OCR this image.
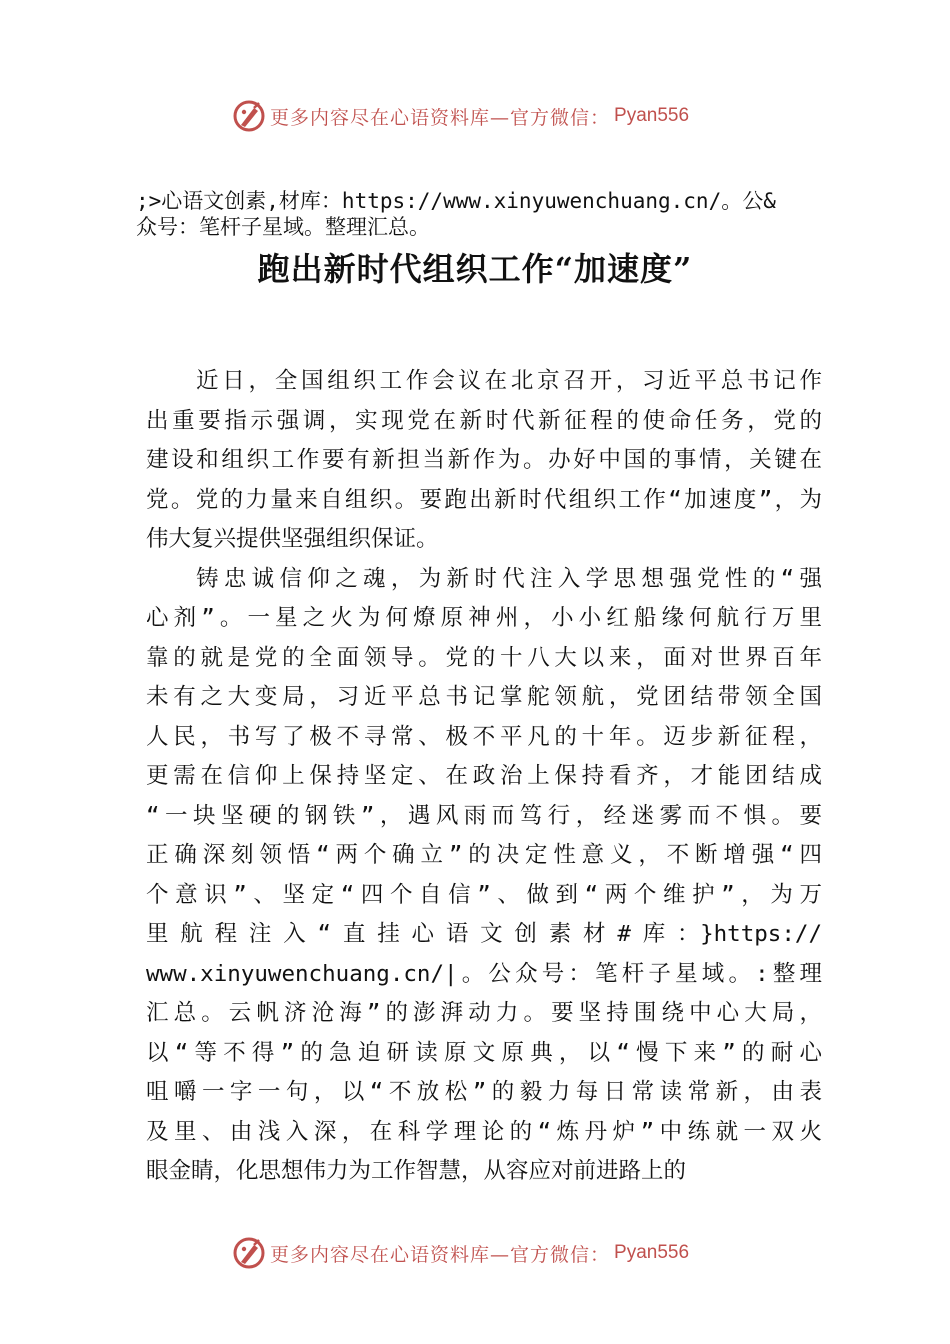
更多内容尽在心语资料库—官方微信： Pyan556
;>心语文创素,材库：https://www.xinyuwenchuang.cn/。公&
众号：笔杆子星域。整理汇总。
跑出新时代组织工作“加速度”
近日，全国组织工作会议在北京召开，习近平总书记作
出重要指示强调，实现党在新时代新征程的使命任务，党的
建设和组织工作要有新担当新作为。办好中国的事情，关键在
党。党的力量来自组织。要跑出新时代组织工作“加速度”，为
伟大复兴提供坚强组织保证。
铸忠诚信仰之魂，为新时代注入学思想强党性的“强
心剂”。一星之火为何燎原神州，小小红船缘何航行万里
靠的就是党的全面领导。党的十八大以来，面对世界百年
未有之大变局，习近平总书记掌舵领航，党团结带领全国
人民，书写了极不寻常、极不平凡的十年。迈步新征程，
更需在信仰上保持坚定、在政治上保持看齐，才能团结成
“一块坚硬的钢铁”，遇风雨而笃行，经迷雾而不惧。要
正确深刻领悟“两个确立”的决定性意义，不断增强“四
个意识”、坚定“四个自信”、做到“两个维护”，为万
里航程注入“直挂心语文创素材#库：}https://
www.xinyuwenchuang.cn/|。公众号：笔杆子星域。:整理
汇总。云帆济沧海”的澎湃动力。要坚持围绕中心大局，
以“等不得”的急迫研读原文原典，以“慢下来”的耐心
咀嚼一字一句，以“不放松”的毅力每日常读常新，由表
及里、由浅入深，在科学理论的“炼丹炉”中练就一双火
眼金睛，化思想伟力为工作智慧，从容应对前进路上的
更多内容尽在心语资料库—官方微信： Pyan556
